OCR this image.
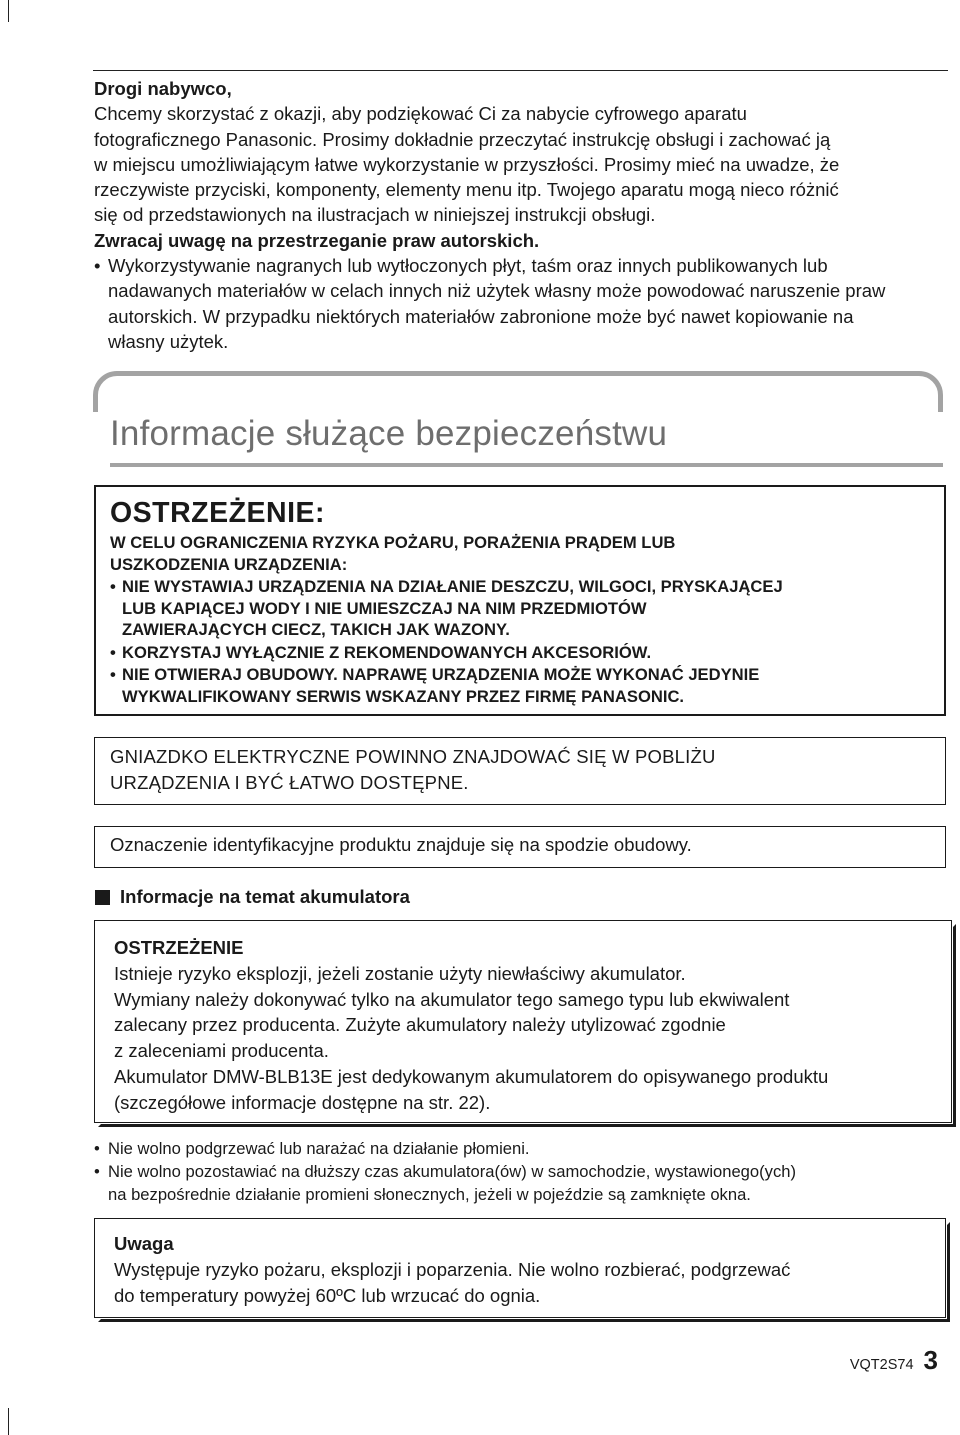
Drogi nabywco,

Chcemy skorzystać z okazji, aby podziękować Ci za nabycie cyfrowego aparatu

fotograficznego Panasonic. Prosimy dokładnie przeczytać instrukcję obsługi i zachować ją

w miejscu umożliwiającym łatwe wykorzystanie w przyszłości. Prosimy mieć na uwadze, że

rzeczywiste przyciski, komponenty, elementy menu itp. Twojego aparatu mogą nieco różnić

się od przedstawionych na ilustracjach w niniejszej instrukcji obsługi.

Zwracaj uwagę na przestrzeganie praw autorskich.

• Wykorzystywanie nagranych lub wytłoczonych płyt, taśm oraz innych publikowanych lub

nadawanych materiałów w celach innych niż użytek własny może powodować naruszenie praw

autorskich. W przypadku niektórych materiałów zabronione może być nawet kopiowanie na

własny użytek.

Informacje służące bezpieczeństwu
OSTRZEŻENIE:

W CELU OGRANICZENIA RYZYKA POŻARU, PORAŻENIA PRĄDEM LUB

USZKODZENIA URZĄDZENIA:

• NIE WYSTAWIAJ URZĄDZENIA NA DZIAŁANIE DESZCZU, WILGOCI, PRYSKAJĄCEJ

LUB KAPIĄCEJ WODY I NIE UMIESZCZAJ NA NIM PRZEDMIOTÓW

ZAWIERAJĄCYCH CIECZ, TAKICH JAK WAZONY.

• KORZYSTAJ WYŁĄCZNIE Z REKOMENDOWANYCH AKCESORIÓW.

• NIE OTWIERAJ OBUDOWY. NAPRAWĘ URZĄDZENIA MOŻE WYKONAĆ JEDYNIE

WYKWALIFIKOWANY SERWIS WSKAZANY PRZEZ FIRMĘ PANASONIC.

GNIAZDKO ELEKTRYCZNE POWINNO ZNAJDOWAĆ SIĘ W POBLIŻU
URZĄDZENIA I BYĆ ŁATWO DOSTĘPNE.
Oznaczenie identyfikacyjne produktu znajduje się na spodzie obudowy.
Informacje na temat akumulatora

OSTRZEŻENIE

Istnieje ryzyko eksplozji, jeżeli zostanie użyty niewłaściwy akumulator.

Wymiany należy dokonywać tylko na akumulator tego samego typu lub ekwiwalent

zalecany przez producenta. Zużyte akumulatory należy utylizować zgodnie

z zaleceniami producenta.

Akumulator DMW-BLB13E jest dedykowanym akumulatorem do opisywanego produktu

(szczegółowe informacje dostępne na str. 22).

• Nie wolno podgrzewać lub narażać na działanie płomieni.

• Nie wolno pozostawiać na dłuższy czas akumulatora(ów) w samochodzie, wystawionego(ych)

na bezpośrednie działanie promieni słonecznych, jeżeli w pojeździe są zamknięte okna.

Uwaga

Występuje ryzyko pożaru, eksplozji i poparzenia. Nie wolno rozbierać, podgrzewać

do temperatury powyżej 60ºC lub wrzucać do ognia.

VQT2S74 3
